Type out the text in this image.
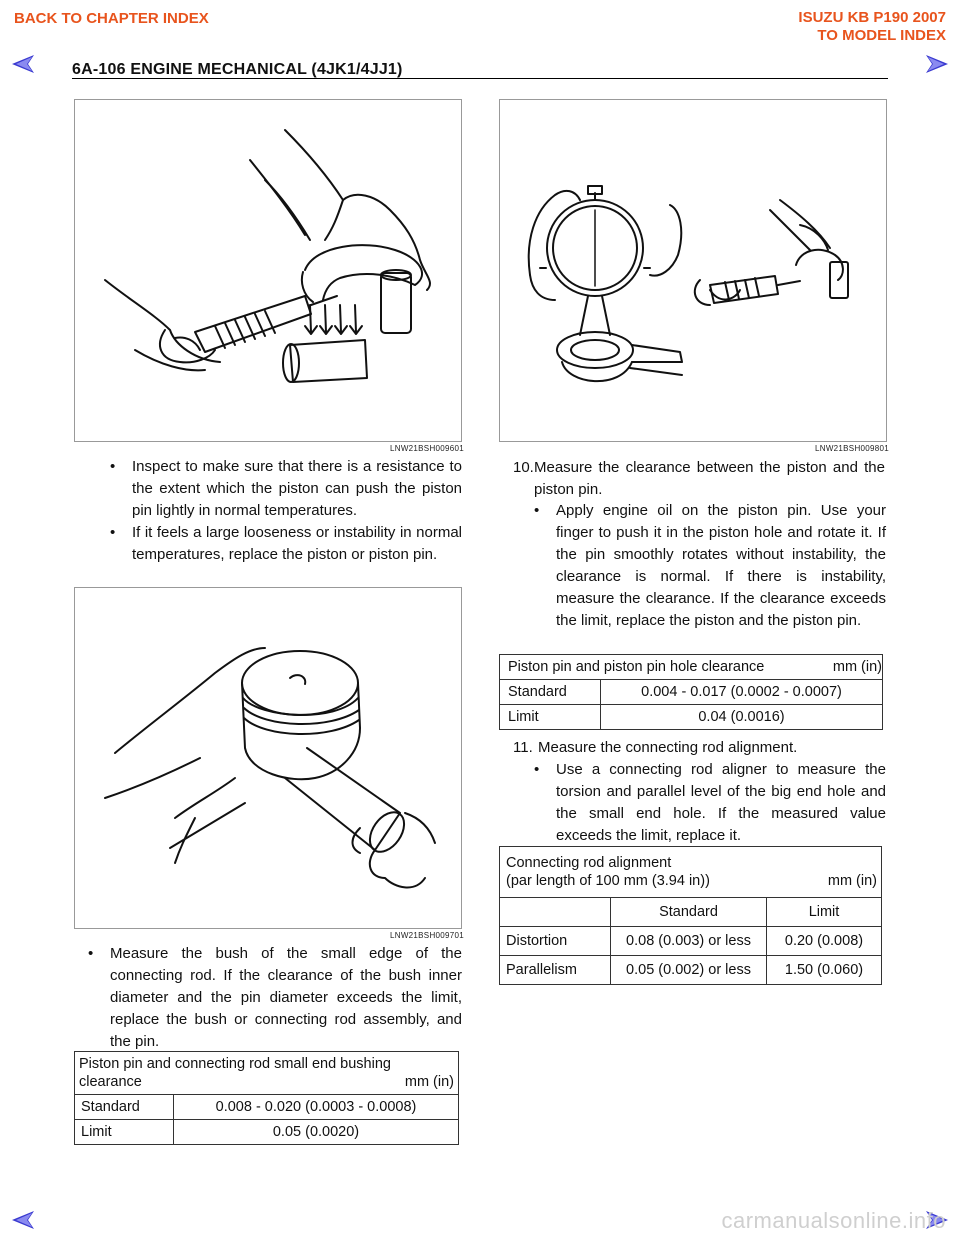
BACK TO CHAPTER INDEX	ISUZU KB P190 2007
TO MODEL INDEX
6A-106 ENGINE MECHANICAL (4JK1/4JJ1)
LNW21BSH009601
• Inspect to make sure that there is a resistance to the extent which the piston can push the piston pin lightly in normal temperatures.
• If it feels a large looseness or instability in normal temperatures, replace the piston or piston pin.
LNW21BSH009701
• Measure the bush of the small edge of the connecting rod. If the clearance of the bush inner diameter and the pin diameter exceeds the limit, replace the bush or connecting rod assembly, and the pin.
Piston pin and connecting rod small end bushing
clearance mm (in)	

Standard	0.008 - 0.020 (0.0003 - 0.0008)
Limit	0.05 (0.0020)
LNW21BSH009801
10. Measure the clearance between the piston and the piston pin.
• Apply engine oil on the piston pin. Use your finger to push it in the piston hole and rotate it. If the pin smoothly rotates without instability, the clearance is normal. If there is instability, measure the clearance. If the clearance exceeds the limit, replace the piston and the piston pin.
Piston pin and piston pin hole clearance mm (in)	

Standard	0.004 - 0.017 (0.0002 - 0.0007)
Limit	0.04 (0.0016)
11. Measure the connecting rod alignment.
• Use a connecting rod aligner to measure the torsion and parallel level of the big end hole and the small end hole. If the measured value exceeds the limit, replace it.
Connecting rod alignment
(par length of 100 mm (3.94 in)) mm (in)		

	Standard	Limit
Distortion	0.08 (0.003) or less	0.20 (0.008)
Parallelism	0.05 (0.002) or less	1.50 (0.060)
carmanualsonline.info
